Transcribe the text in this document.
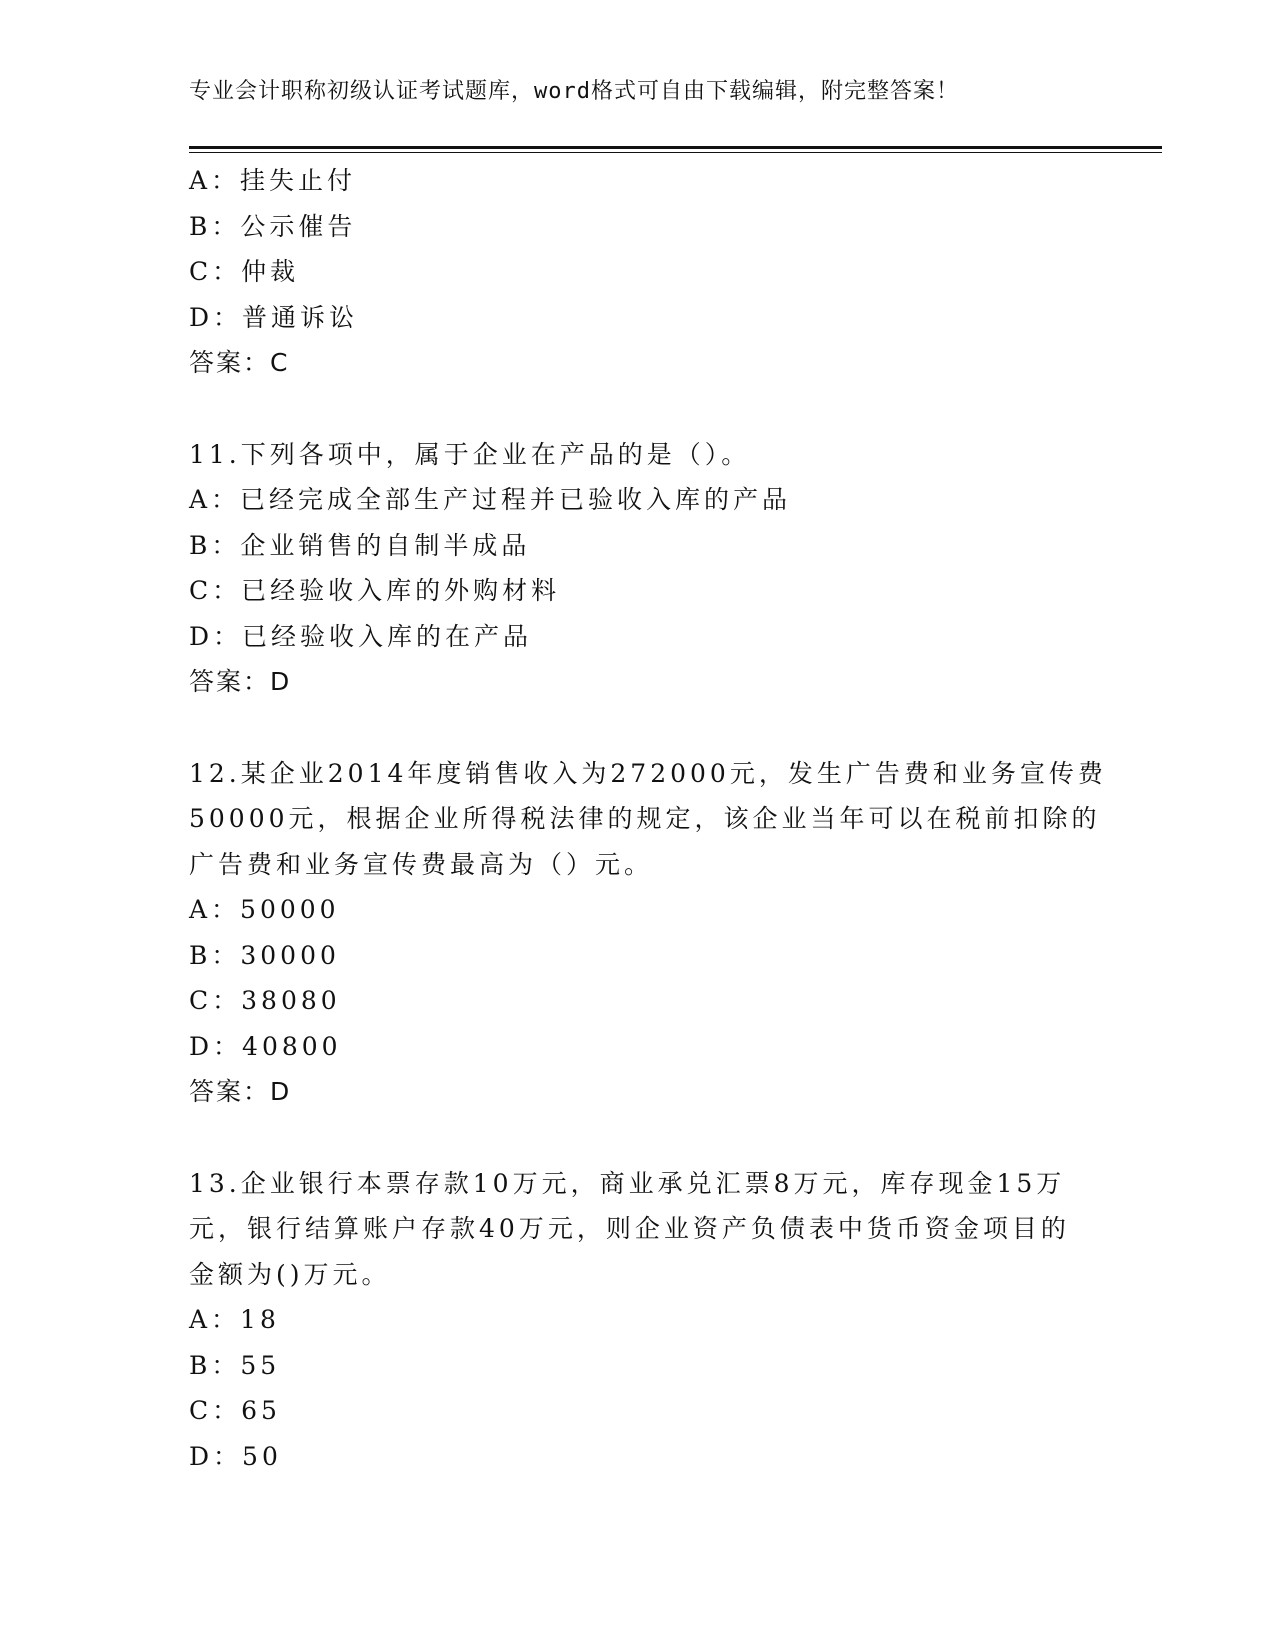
专业会计职称初级认证考试题库，word格式可自由下载编辑，附完整答案！
A：挂失止付
B：公示催告
C：仲裁
D：普通诉讼
答案：C
11.下列各项中，属于企业在产品的是（）。
A：已经完成全部生产过程并已验收入库的产品
B：企业销售的自制半成品
C：已经验收入库的外购材料
D：已经验收入库的在产品
答案：D
12.某企业2014年度销售收入为272000元，发生广告费和业务宣传费
50000元，根据企业所得税法律的规定，该企业当年可以在税前扣除的
广告费和业务宣传费最高为（）元。
A：50000
B：30000
C：38080
D：40800
答案：D
13.企业银行本票存款10万元，商业承兑汇票8万元，库存现金15万
元，银行结算账户存款40万元，则企业资产负债表中货币资金项目的
金额为()万元。
A：18
B：55
C：65
D：50
